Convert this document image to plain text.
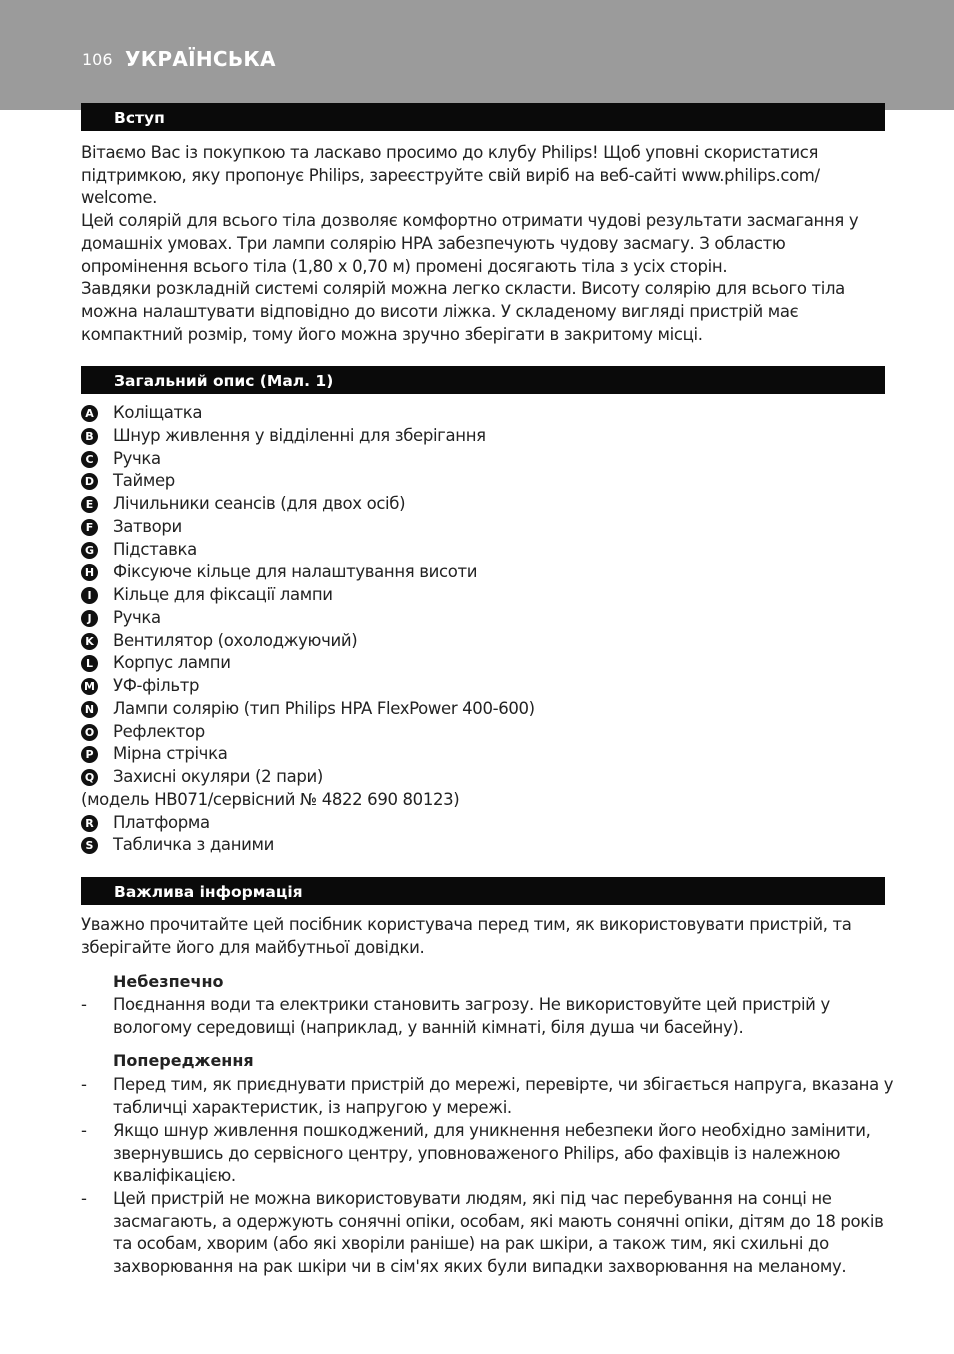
106 УКРАЇНСЬКА
Вступ
Вітаємо Вас із покупкою та ласкаво просимо до клубу Philips! Щоб уповні скористатися
підтримкою, яку пропонує Philips, зареєструйте свій виріб на веб-сайті www.philips.com/
welcome.
Цей солярій для всього тіла дозволяє комфортно отримати чудові результати засмагання у
домашніх умовах. Три лампи солярію HPA забезпечують чудову засмагу. З областю
опромінення всього тіла (1,80 x 0,70 м) промені досягають тіла з усіх сторін.
Завдяки розкладній системі солярій можна легко скласти. Висоту солярію для всього тіла
можна налаштувати відповідно до висоти ліжка. У складеному вигляді пристрій має
компактний розмір, тому його можна зручно зберігати в закритому місці.
Загальний опис (Мал. 1)
A Коліщатка
B Шнур живлення у відділенні для зберігання
C Ручка
D Таймер
E Лічильники сеансів (для двох осіб)
F Затвори
G Підставка
H Фіксуюче кільце для налаштування висоти
I	Кільце для фіксації лампи
J	Ручка
K Вентилятор (охолоджуючий)
L	Корпус лампи
M УФ-фільтр
N Лампи солярію (тип Philips HPA FlexPower 400-600)
O Рефлектор
P Мірна стрічка
Q Захисні окуляри (2 пари)
(модель HB071/сервісний № 4822 690 80123)
R Платформа
S Табличка з даними
Важлива інформація
Уважно прочитайте цей посібник користувача перед тим, як використовувати пристрій, та
зберігайте його для майбутньої довідки.
Небезпечно
- Поєднання води та електрики становить загрозу. Не використовуйте цей пристрій у
вологому середовищі (наприклад, у ванній кімнаті, біля душа чи басейну).
Попередження
- Перед тим, як приєднувати пристрій до мережі, перевірте, чи збігається напруга, вказана у
табличці характеристик, із напругою у мережі.
- Якщо шнур живлення пошкоджений, для уникнення небезпеки його необхідно замінити,
звернувшись до сервісного центру, уповноваженого Philips, або фахівців із належною
кваліфікацією.
- Цей пристрій не можна використовувати людям, які під час перебування на сонці не
засмагають, а одержують сонячні опіки, особам, які мають сонячні опіки, дітям до 18 років
та особам, хворим (або які хворіли раніше) на рак шкіри, а також тим, які схильні до
захворювання на рак шкіри чи в сім'ях яких були випадки захворювання на меланому.
